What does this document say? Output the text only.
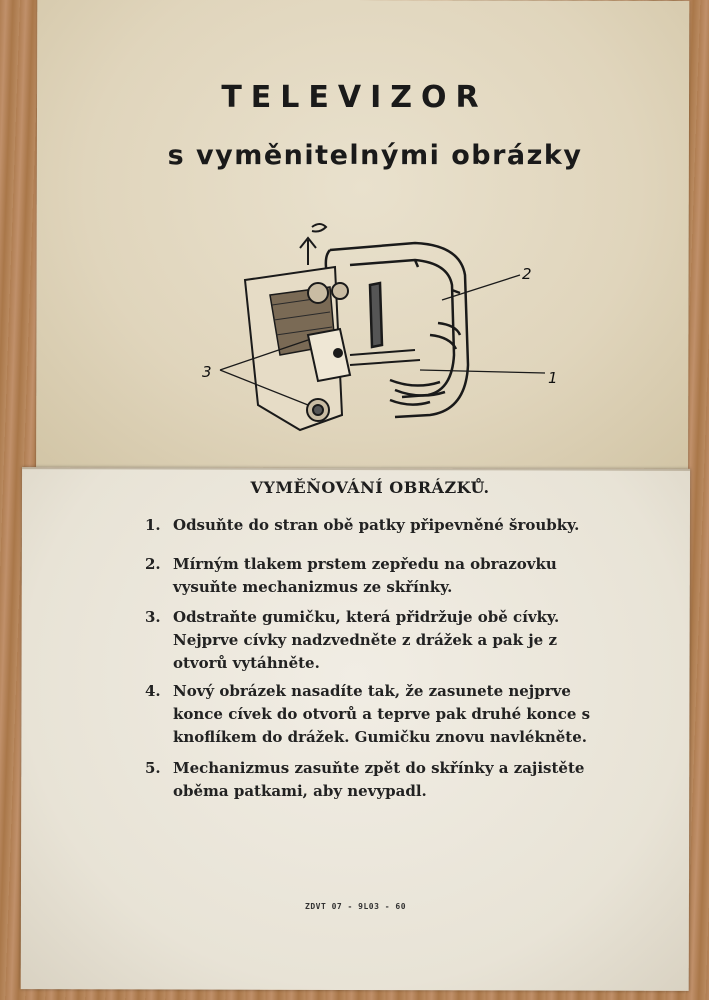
TELEVIZOR
s vyměnitelnými obrázky
2
1
3
VYMĚŇOVÁNÍ OBRÁZKŮ.
1. Odsuňte do stran obě patky připevněné šroubky.
2. Mírným tlakem prstem zepředu na obrazovku vysuňte mechanizmus ze skřínky.
3. Odstraňte gumičku, která přidržuje obě cívky. Nejprve cívky nadzvedněte z drážek a pak je z otvorů vytáhněte.
4. Nový obrázek nasadíte tak, že zasunete nejprve konce cívek do otvorů a teprve pak druhé konce s knoflíkem do drážek. Gumičku znovu navlékněte.
5. Mechanizmus zasuňte zpět do skřínky a zajistěte oběma patkami, aby nevypadl.
ZDVT 07 - 9L03 - 60
